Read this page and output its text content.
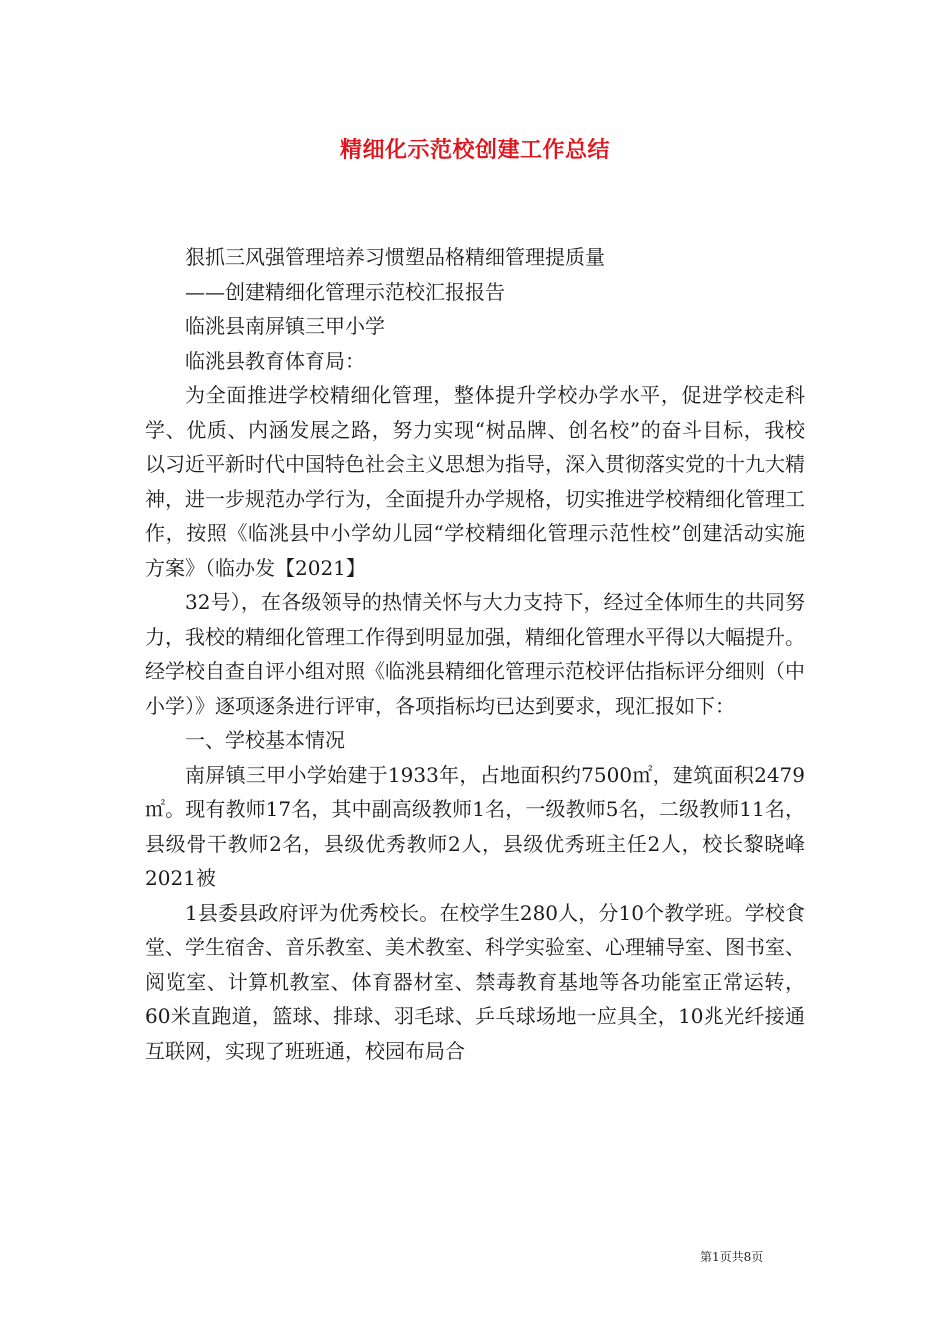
精细化示范校创建工作总结

狠抓三风强管理培养习惯塑品格精细管理提质量

——创建精细化管理示范校汇报报告

临洮县南屏镇三甲小学

临洮县教育体育局：

为全面推进学校精细化管理，整体提升学校办学水平，促进学校走科学、优质、内涵发展之路，努力实现“树品牌、创名校”的奋斗目标，我校以习近平新时代中国特色社会主义思想为指导，深入贯彻落实党的十九大精神，进一步规范办学行为，全面提升办学规格，切实推进学校精细化管理工作，按照《临洮县中小学幼儿园“学校精细化管理示范性校”创建活动实施方案》（临办发【2021】

32号），在各级领导的热情关怀与大力支持下，经过全体师生的共同努力，我校的精细化管理工作得到明显加强，精细化管理水平得以大幅提升。经学校自查自评小组对照《临洮县精细化管理示范校评估指标评分细则（中小学）》逐项逐条进行评审，各项指标均已达到要求，现汇报如下：

一、学校基本情况

南屏镇三甲小学始建于1933年，占地面积约7500㎡，建筑面积2479㎡。现有教师17名，其中副高级教师1名，一级教师5名，二级教师11名，县级骨干教师2名，县级优秀教师2人，县级优秀班主任2人，校长黎晓峰2021被

1县委县政府评为优秀校长。在校学生280人，分10个教学班。学校食堂、学生宿舍、音乐教室、美术教室、科学实验室、心理辅导室、图书室、阅览室、计算机教室、体育器材室、禁毒教育基地等各功能室正常运转，60米直跑道，篮球、排球、羽毛球、乒乓球场地一应具全，10兆光纤接通互联网，实现了班班通，校园布局合

第1页共8页
